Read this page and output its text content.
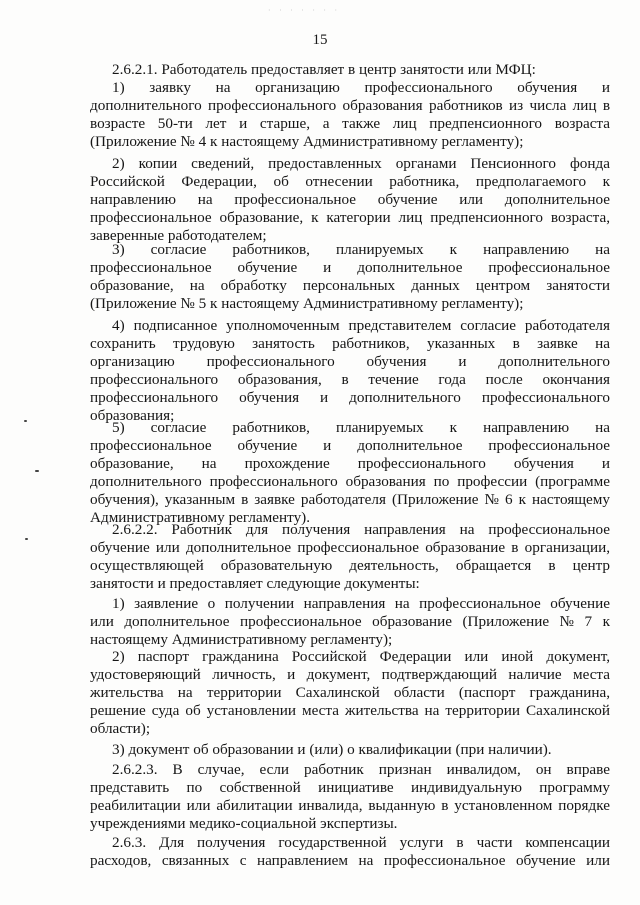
· · · · · · ·
15
2.6.2.1. Работодатель предоставляет в центр занятости или МФЦ:
1) заявку на организацию профессионального обучения и
дополнительного профессионального образования работников из числа лиц в
возрасте 50-ти лет и старше, а также лиц предпенсионного возраста
(Приложение № 4 к настоящему Административному регламенту);
2) копии сведений, предоставленных органами Пенсионного фонда
Российской Федерации, об отнесении работника, предполагаемого к
направлению на профессиональное обучение или дополнительное
профессиональное образование, к категории лиц предпенсионного возраста,
заверенные работодателем;
3) согласие работников, планируемых к направлению на
профессиональное обучение и дополнительное профессиональное
образование, на обработку персональных данных центром занятости
(Приложение № 5 к настоящему Административному регламенту);
4) подписанное уполномоченным представителем согласие работодателя
сохранить трудовую занятость работников, указанных в заявке на
организацию профессионального обучения и дополнительного
профессионального образования, в течение года после окончания
профессионального обучения и дополнительного профессионального
образования;
5) согласие работников, планируемых к направлению на
профессиональное обучение и дополнительное профессиональное
образование, на прохождение профессионального обучения и
дополнительного профессионального образования по профессии (программе
обучения), указанным в заявке работодателя (Приложение № 6 к настоящему
Административному регламенту).
2.6.2.2. Работник для получения направления на профессиональное
обучение или дополнительное профессиональное образование в организации,
осуществляющей образовательную деятельность, обращается в центр
занятости и предоставляет следующие документы:
1) заявление о получении направления на профессиональное обучение
или дополнительное профессиональное образование (Приложение № 7 к
настоящему Административному регламенту);
2) паспорт гражданина Российской Федерации или иной документ,
удостоверяющий личность, и документ, подтверждающий наличие места
жительства на территории Сахалинской области (паспорт гражданина,
решение суда об установлении места жительства на территории Сахалинской
области);
3) документ об образовании и (или) о квалификации (при наличии).
2.6.2.3. В случае, если работник признан инвалидом, он вправе
представить по собственной инициативе индивидуальную программу
реабилитации или абилитации инвалида, выданную в установленном порядке
учреждениями медико-социальной экспертизы.
2.6.3. Для получения государственной услуги в части компенсации
расходов, связанных с направлением на профессиональное обучение или
